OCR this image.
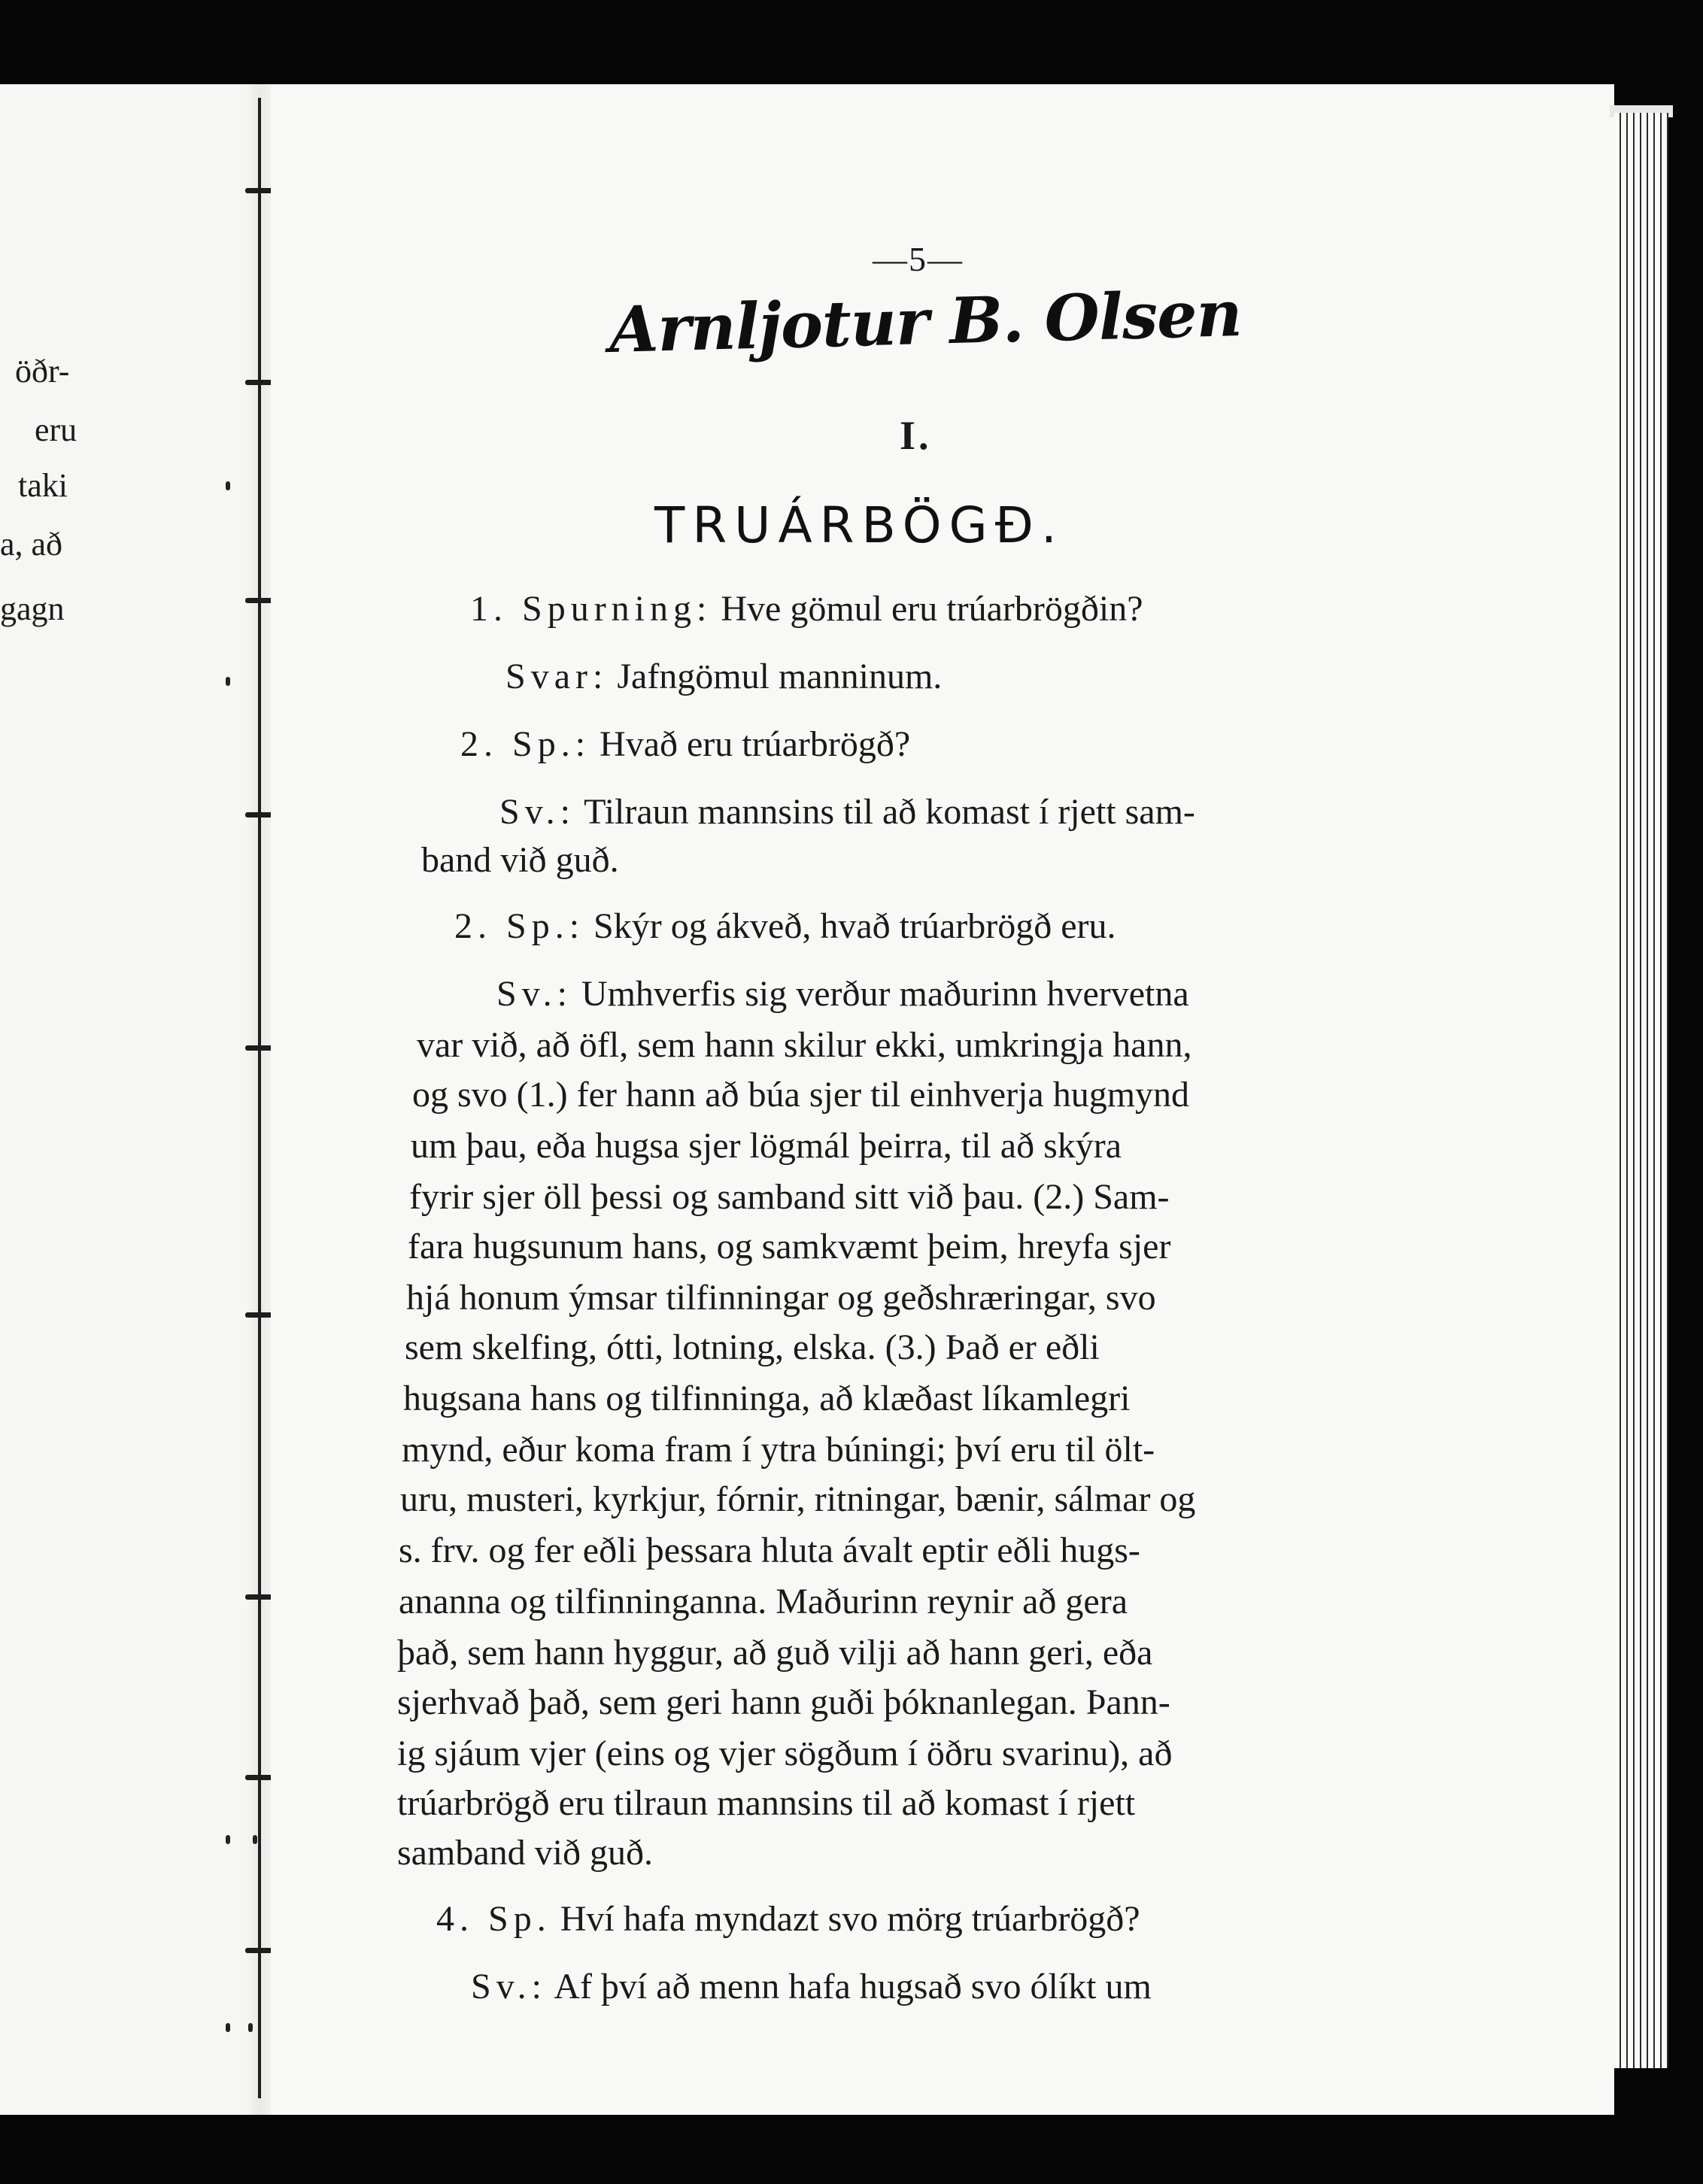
öðr-
eru
taki
a, að
gagn
—5—
Arnljotur B. Olsen
I.
TRUÁRBÖGÐ.
1. Spurning: Hve gömul eru trúarbrögðin?
Svar: Jafngömul manninum.
2. Sp.: Hvað eru trúarbrögð?
Sv.: Tilraun mannsins til að komast í rjett sam-
band við guð.
2. Sp.: Skýr og ákveð, hvað trúarbrögð eru.
Sv.: Umhverfis sig verður maðurinn hvervetna
var við, að öfl, sem hann skilur ekki, umkringja hann,
og svo (1.) fer hann að búa sjer til einhverja hugmynd
um þau, eða hugsa sjer lögmál þeirra, til að skýra
fyrir sjer öll þessi og samband sitt við þau. (2.) Sam-
fara hugsunum hans, og samkvæmt þeim, hreyfa sjer
hjá honum ýmsar tilfinningar og geðshræringar, svo
sem skelfing, ótti, lotning, elska. (3.) Það er eðli
hugsana hans og tilfinninga, að klæðast líkamlegri
mynd, eður koma fram í ytra búningi; því eru til ölt-
uru, musteri, kyrkjur, fórnir, ritningar, bænir, sálmar og
s. frv. og fer eðli þessara hluta ávalt eptir eðli hugs-
ananna og tilfinninganna. Maðurinn reynir að gera
það, sem hann hyggur, að guð vilji að hann geri, eða
sjerhvað það, sem geri hann guði þóknanlegan. Þann-
ig sjáum vjer (eins og vjer sögðum í öðru svarinu), að
trúarbrögð eru tilraun mannsins til að komast í rjett
samband við guð.
4. Sp. Hví hafa myndazt svo mörg trúarbrögð?
Sv.: Af því að menn hafa hugsað svo ólíkt um
